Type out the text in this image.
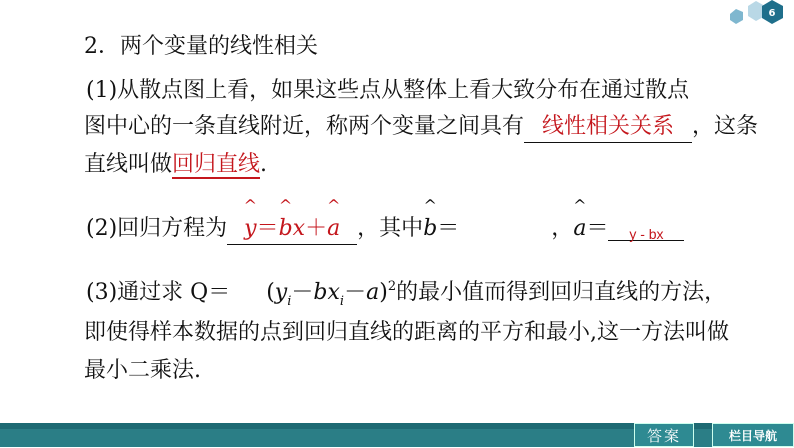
6
2．两个变量的线性相关
(1)从散点图上看，如果这些点从整体上看大致分布在通过散点
图中心的一条直线附近，称两个变量之间具有 线性相关关系 ，这条
直线叫做回归直线.
(2)回归方程为^ y＝^ bx＋^ a ，其中^ b＝	，^ a＝ y - bx
(3)通过求 $Q= (y_i-bx_i-a)^2$的最小值而得到回归直线的方法，
即使得样本数据的点到回归直线的距离的平方和最小,这一方法叫做
最小二乘法.
答案	栏目导航
